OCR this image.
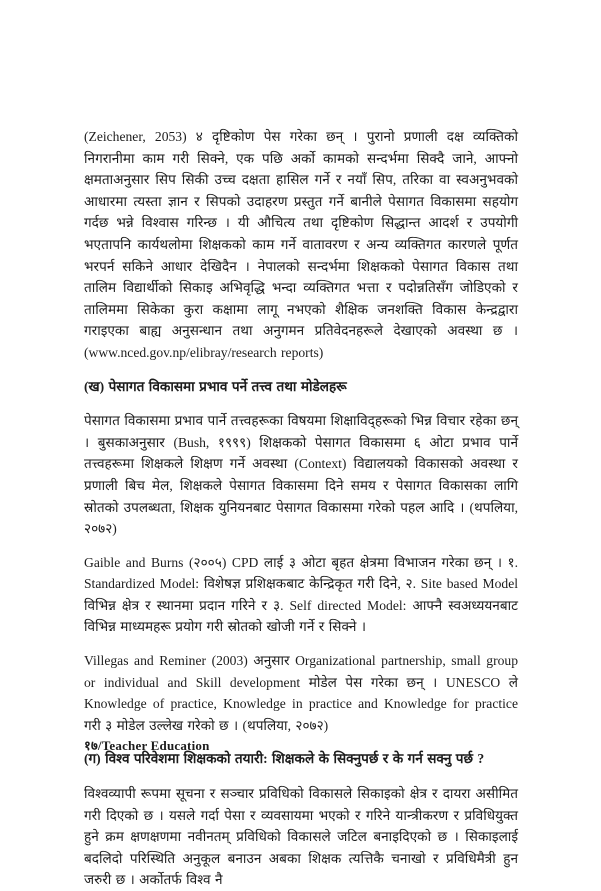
(Zeichener, 2053) ४ दृष्टिकोण पेस गरेका छन् । पुरानो प्रणाली दक्ष व्यक्तिको निगरानीमा काम गरी सिक्ने, एक पछि अर्को कामको सन्दर्भमा सिक्दै जाने, आफ्नो क्षमताअनुसार सिप सिकी उच्च दक्षता हासिल गर्ने र नयाँ सिप, तरिका वा स्वअनुभवको आधारमा त्यस्ता ज्ञान र सिपको उदाहरण प्रस्तुत गर्ने बानीले पेसागत विकासमा सहयोग गर्दछ भन्ने विश्वास गरिन्छ । यी औचित्य तथा दृष्टिकोण सिद्धान्त आदर्श र उपयोगी भएतापनि कार्यथलोमा शिक्षकको काम गर्ने वातावरण र अन्य व्यक्तिगत कारणले पूर्णत भरपर्न सकिने आधार देखिदैन । नेपालको सन्दर्भमा शिक्षकको पेसागत विकास तथा तालिम विद्यार्थीको सिकाइ अभिवृद्धि भन्दा व्यक्तिगत भत्ता र पदोन्नतिसँग जोडिएको र तालिममा सिकेका कुरा कक्षामा लागू नभएको शैक्षिक जनशक्ति विकास केन्द्रद्वारा गराइएका बाह्य अनुसन्धान तथा अनुगमन प्रतिवेदनहरूले देखाएको अवस्था छ । (www.nced.gov.np/elibray/research reports)

(ख) पेसागत विकासमा प्रभाव पर्ने तत्त्व तथा मोडेलहरू

पेसागत विकासमा प्रभाव पार्ने तत्त्वहरूका विषयमा शिक्षाविद्हरूको भिन्न विचार रहेका छन् । बुसकाअनुसार (Bush, १९९९) शिक्षकको पेसागत विकासमा ६ ओटा प्रभाव पार्ने तत्त्वहरूमा शिक्षकले शिक्षण गर्ने अवस्था (Context) विद्यालयको विकासको अवस्था र प्रणाली बिच मेल, शिक्षकले पेसागत विकासमा दिने समय र पेसागत विकासका लागि स्रोतको उपलब्धता, शिक्षक युनियनबाट पेसागत विकासमा गरेको पहल आदि । (थपलिया, २०७२)

Gaible and Burns (२००५) CPD लाई ३ ओटा बृहत क्षेत्रमा विभाजन गरेका छन् । १. Standardized Model: विशेषज्ञ प्रशिक्षकबाट केन्द्रिकृत गरी दिने, २. Site based Model विभिन्न क्षेत्र र स्थानमा प्रदान गरिने र ३. Self directed Model: आफ्नै स्वअध्ययनबाट विभिन्न माध्यमहरू प्रयोग गरी स्रोतको खोजी गर्ने र सिक्ने ।

Villegas and Reminer (2003) अनुसार Organizational partnership, small group or individual and Skill development मोडेल पेस गरेका छन् । UNESCO ले Knowledge of practice, Knowledge in practice and Knowledge for practice गरी ३ मोडेल उल्लेख गरेको छ । (थपलिया, २०७२)

(ग) विश्व परिवेशमा शिक्षकको तयारी: शिक्षकले के सिक्नुपर्छ र के गर्न सक्नु पर्छ ?

विश्वव्यापी रूपमा सूचना र सञ्चार प्रविधिको विकासले सिकाइको क्षेत्र र दायरा असीमित गरी दिएको छ । यसले गर्दा पेसा र व्यवसायमा भएको र गरिने यान्त्रीकरण र प्रविधियुक्त हुने क्रम क्षणक्षणमा नवीनतम् प्रविधिको विकासले जटिल बनाइदिएको छ । सिकाइलाई बदलिदो परिस्थिति अनुकूल बनाउन अबका शिक्षक त्यत्तिकै चनाखो र प्रविधिमैत्री हुन जरुरी छ । अर्कोतर्फ विश्व नै

१७/Teacher Education
